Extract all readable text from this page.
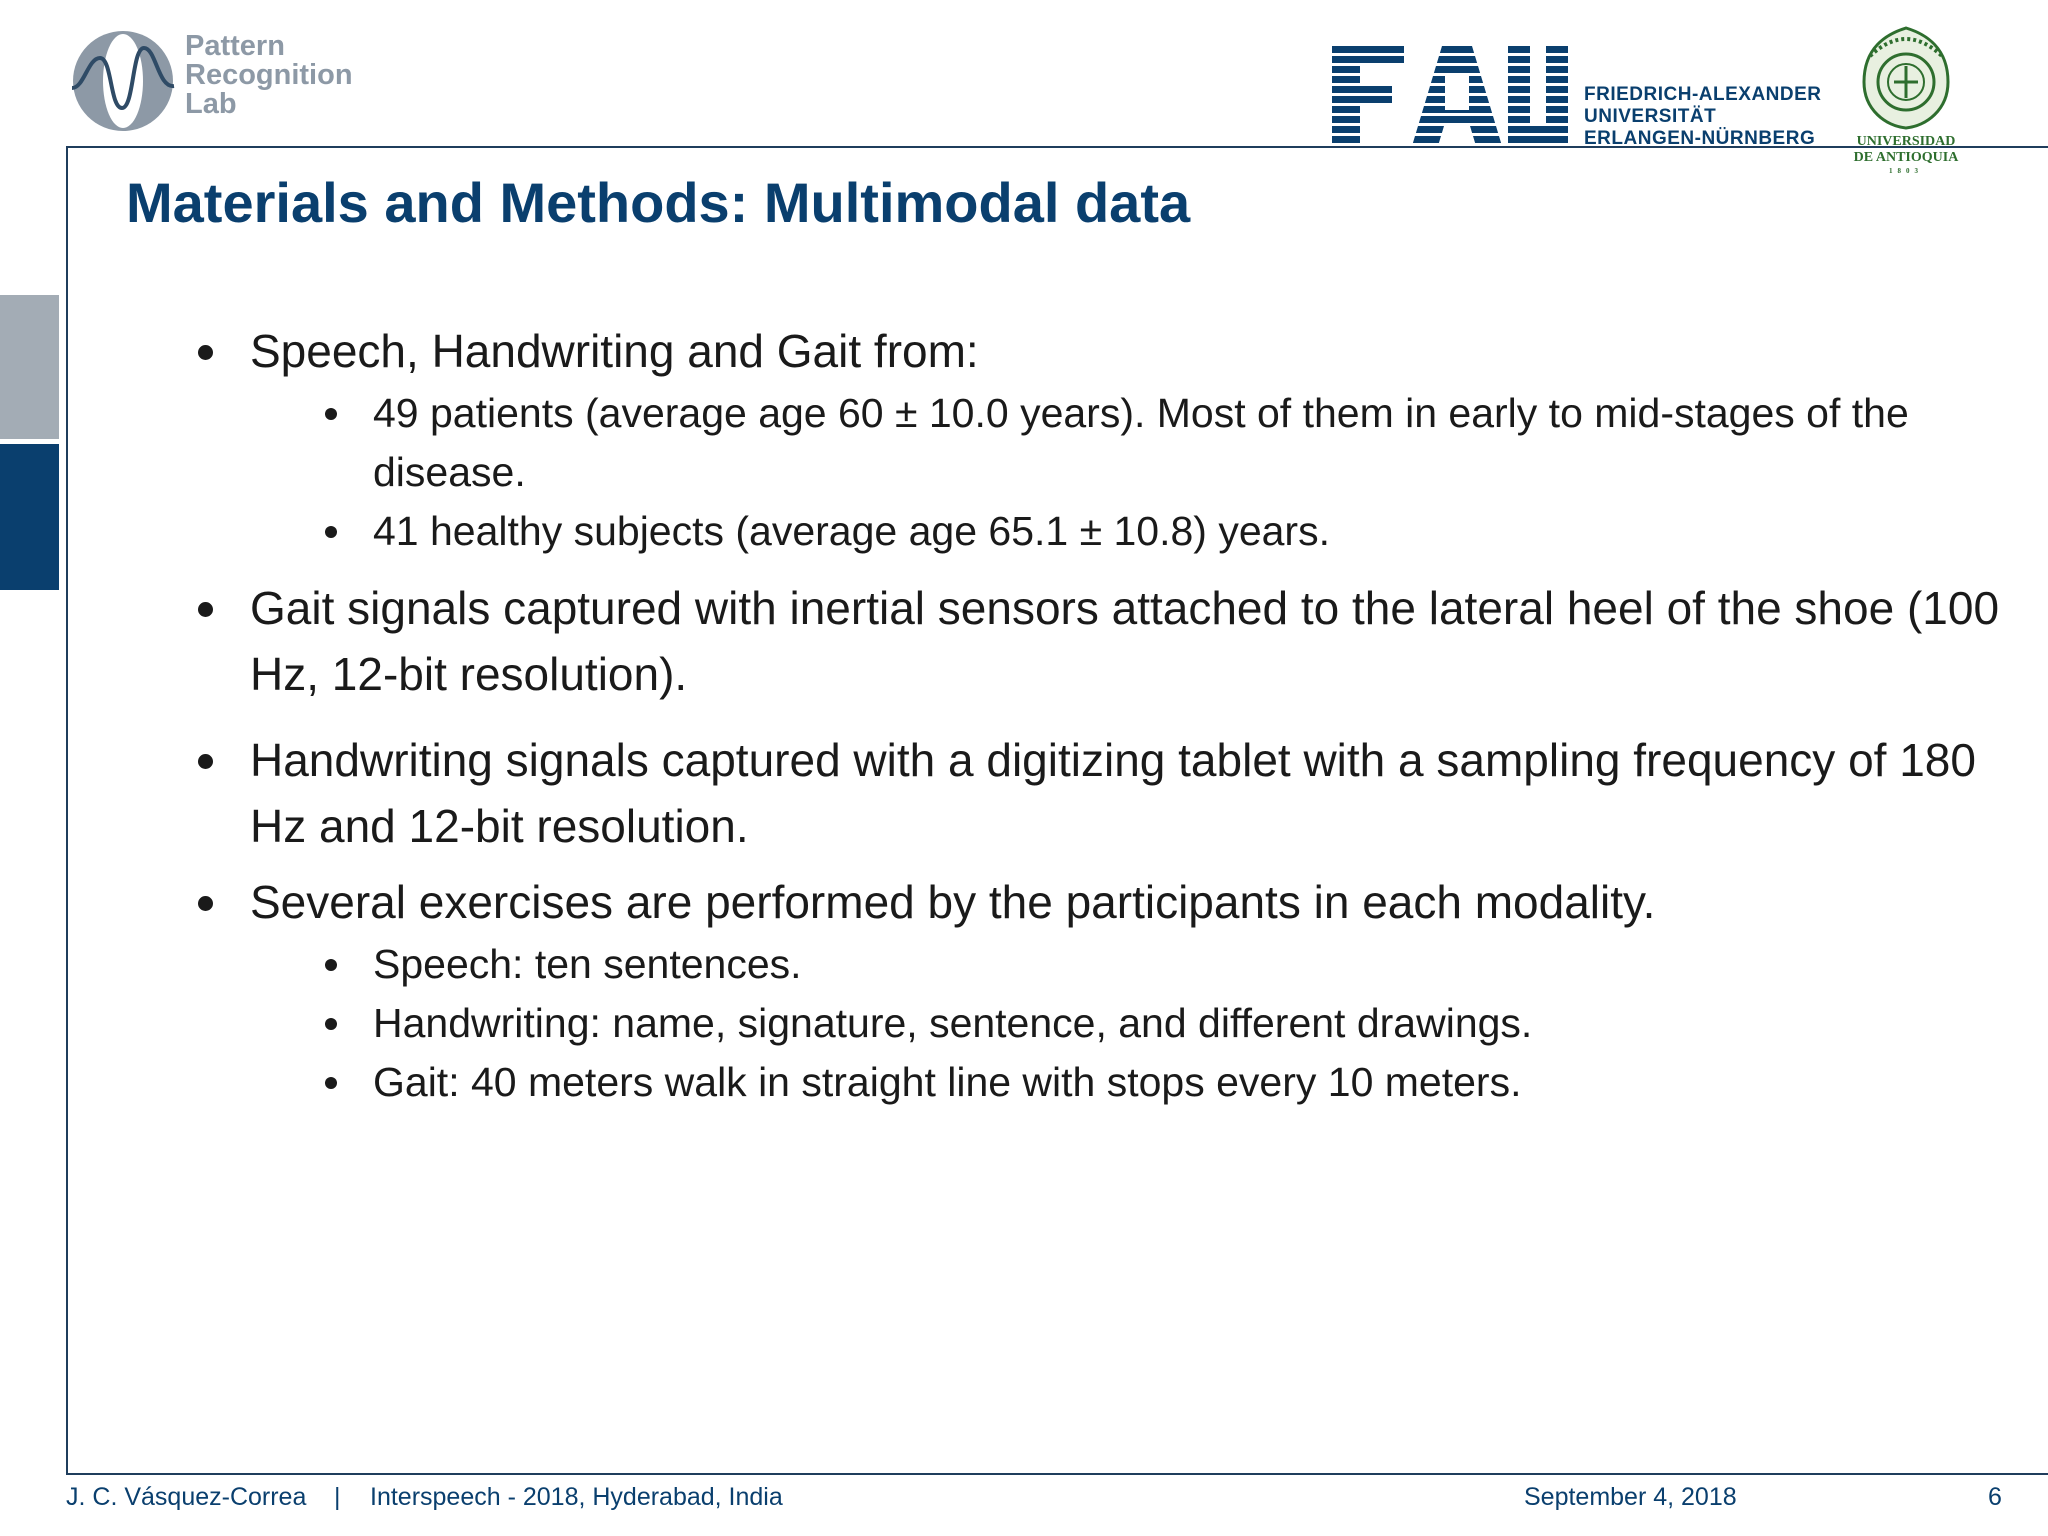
Pattern
Recognition
Lab	FRIEDRICH-ALEXANDER
UNIVERSITÄT
ERLANGEN-NÜRNBERG	UNIVERSIDAD
DE ANTIOQUIA
1803
Materials and Methods: Multimodal data
Speech, Handwriting and Gait from:
49 patients (average age 60 ± 10.0 years). Most of them in early to mid-stages of the disease.
41 healthy subjects (average age 65.1 ± 10.8) years.
Gait signals captured with inertial sensors attached to the lateral heel of the shoe (100 Hz, 12-bit resolution).
Handwriting signals captured with a digitizing tablet with a sampling frequency of 180 Hz and 12-bit resolution.
Several exercises are performed by the participants in each modality.
Speech: ten sentences.
Handwriting: name, signature, sentence, and different drawings.
Gait: 40 meters walk in straight line with stops every 10 meters.
J. C. Vásquez-Correa | Interspeech - 2018, Hyderabad, India	September 4, 2018	6
